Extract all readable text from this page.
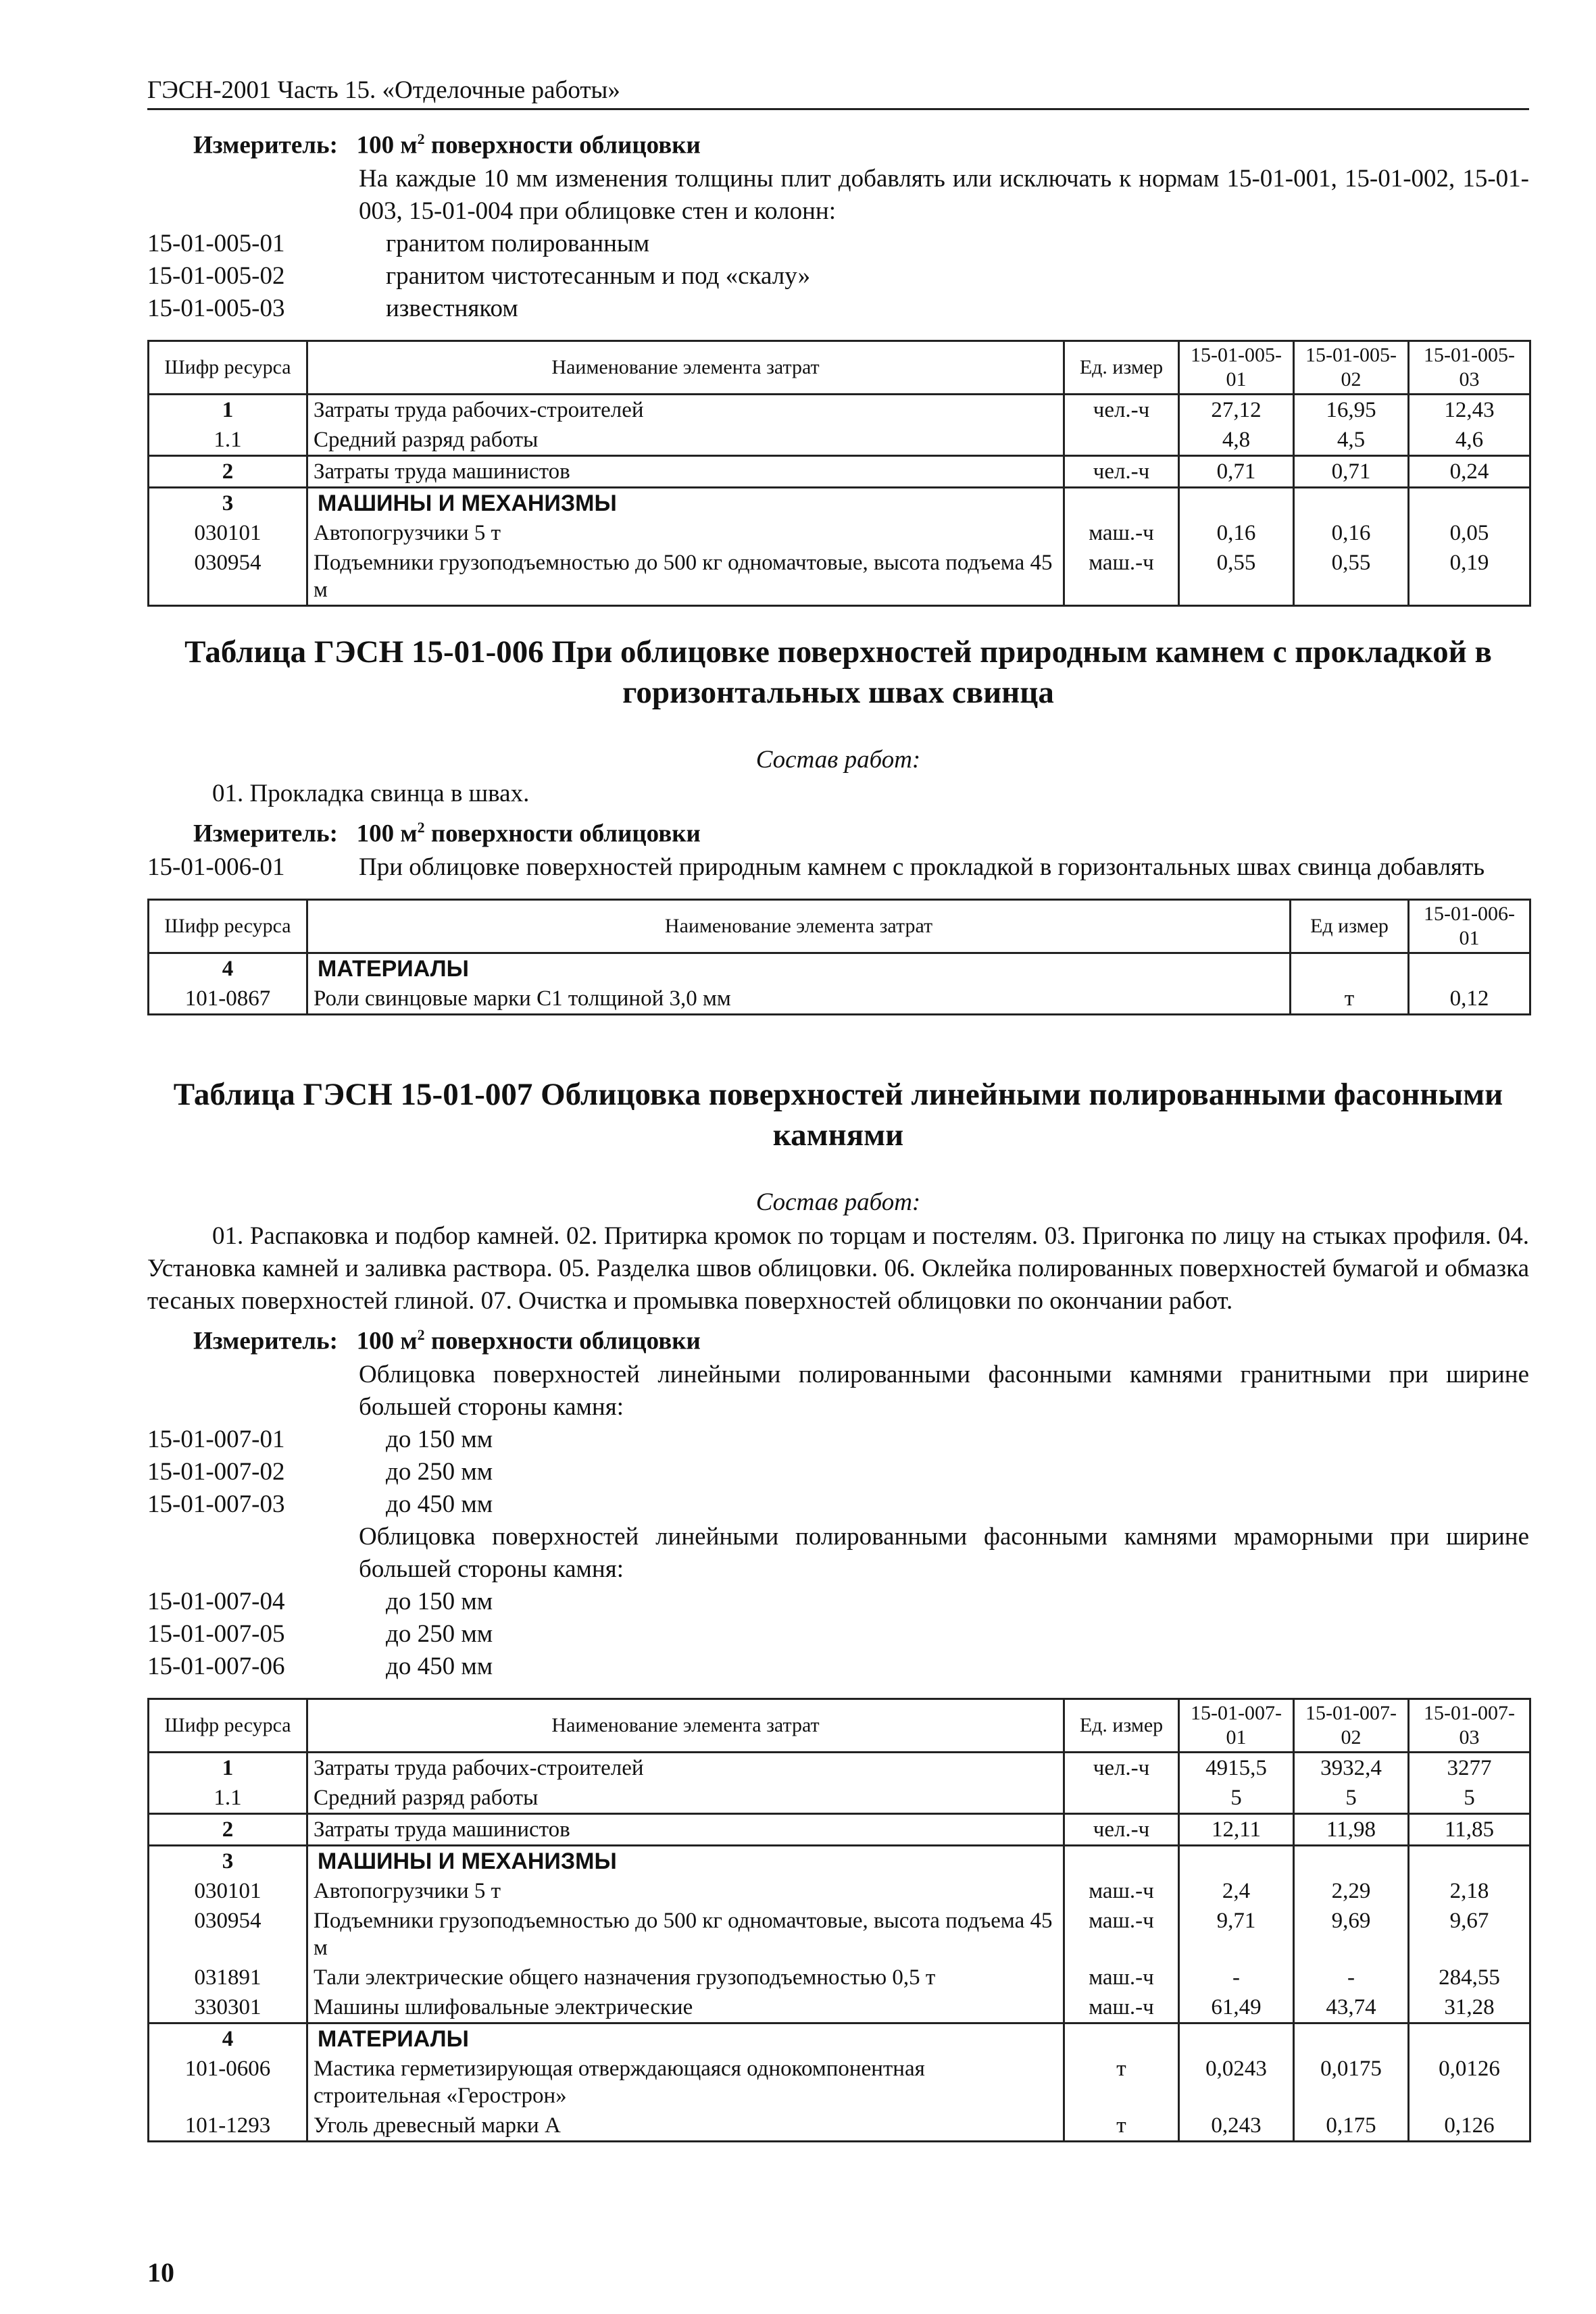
ГЭСН-2001 Часть 15. «Отделочные работы»
Измеритель: 100 $м^2$ поверхности облицовки
На каждые 10 мм изменения толщины плит добавлять или исключать к нормам 15-01-001, 15-01-002, 15-01-003, 15-01-004 при облицовке стен и колонн:
15-01-005-01	гранитом полированным
15-01-005-02	гранитом чистотесанным и под «скалу»
15-01-005-03	известняком
Шифр ресурса	Наименование элемента затрат	Ед. измер	15-01-005-01	15-01-005-02	15-01-005-03
1	Затраты труда рабочих-строителей	чел.-ч	27,12	16,95	12,43
1.1	Средний разряд работы		4,8	4,5	4,6
2	Затраты труда машинистов	чел.-ч	0,71	0,71	0,24
3	МАШИНЫ И МЕХАНИЗМЫ				
030101	Автопогрузчики 5 т	маш.-ч	0,16	0,16	0,05
030954	Подъемники грузоподъемностью до 500 кг одномачтовые, высота подъема 45 м	маш.-ч	0,55	0,55	0,19
Таблица ГЭСН 15-01-006 При облицовке поверхностей природным камнем с прокладкой в горизонтальных швах свинца
Состав работ:
01. Прокладка свинца в швах.
Измеритель: 100 $м^2$ поверхности облицовки
15-01-006-01	При облицовке поверхностей природным камнем с прокладкой в горизонтальных швах свинца добавлять
Шифр ресурса	Наименование элемента затрат	Ед измер	15-01-006-01
4	МАТЕРИАЛЫ		
101-0867	Роли свинцовые марки С1 толщиной 3,0 мм	т	0,12
Таблица ГЭСН 15-01-007 Облицовка поверхностей линейными полированными фасонными камнями
Состав работ:
01. Распаковка и подбор камней. 02. Притирка кромок по торцам и постелям. 03. Пригонка по лицу на стыках профиля. 04. Установка камней и заливка раствора. 05. Разделка швов облицовки. 06. Оклейка полированных поверхностей бумагой и обмазка тесаных поверхностей глиной. 07. Очистка и промывка поверхностей облицовки по окончании работ.
Измеритель: 100 $м^2$ поверхности облицовки
Облицовка поверхностей линейными полированными фасонными камнями гранитными при ширине большей стороны камня:
15-01-007-01	до 150 мм
15-01-007-02	до 250 мм
15-01-007-03	до 450 мм
Облицовка поверхностей линейными полированными фасонными камнями мраморными при ширине большей стороны камня:
15-01-007-04	до 150 мм
15-01-007-05	до 250 мм
15-01-007-06	до 450 мм
Шифр ресурса	Наименование элемента затрат	Ед. измер	15-01-007-01	15-01-007-02	15-01-007-03
1	Затраты труда рабочих-строителей	чел.-ч	4915,5	3932,4	3277
1.1	Средний разряд работы		5	5	5
2	Затраты труда машинистов	чел.-ч	12,11	11,98	11,85
3	МАШИНЫ И МЕХАНИЗМЫ				
030101	Автопогрузчики 5 т	маш.-ч	2,4	2,29	2,18
030954	Подъемники грузоподъемностью до 500 кг одномачтовые, высота подъема 45 м	маш.-ч	9,71	9,69	9,67
031891	Тали электрические общего назначения грузоподъемностью 0,5 т	маш.-ч	-	-	284,55
330301	Машины шлифовальные электрические	маш.-ч	61,49	43,74	31,28
4	МАТЕРИАЛЫ				
101-0606	Мастика герметизирующая отверждающаяся однокомпонентная строительная «Герострон»	т	0,0243	0,0175	0,0126
101-1293	Уголь древесный марки А	т	0,243	0,175	0,126
10
